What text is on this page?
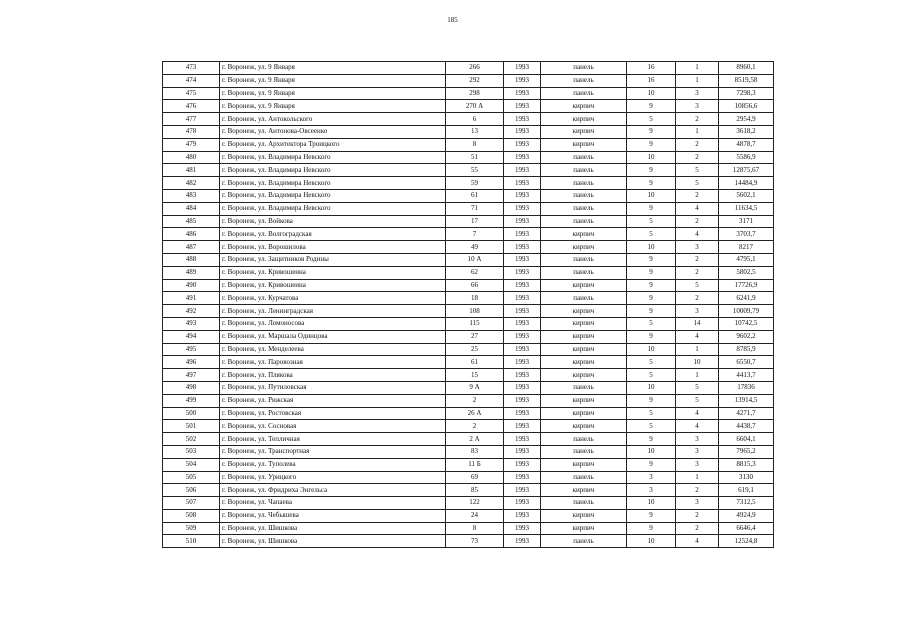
185
473	г. Воронеж, ул. 9 Января	266	1993	панель	16	1	8960,1
474	г. Воронеж, ул. 9 Января	292	1993	панель	16	1	8519,58
475	г. Воронеж, ул. 9 Января	298	1993	панель	10	3	7298,3
476	г. Воронеж, ул. 9 Января	270 А	1993	кирпич	9	3	10856,6
477	г. Воронеж, ул. Антокольского	6	1993	кирпич	5	2	2954,9
478	г. Воронеж, ул. Антонова-Овсеенко	13	1993	кирпич	9	1	3618,2
479	г. Воронеж, ул. Архитектора Троицкого	8	1993	кирпич	9	2	4878,7
480	г. Воронеж, ул. Владимира Невского	51	1993	панель	10	2	5586,9
481	г. Воронеж, ул. Владимира Невского	55	1993	панель	9	5	12875,67
482	г. Воронеж, ул. Владимира Невского	59	1993	панель	9	5	14484,9
483	г. Воронеж, ул. Владимира Невского	61	1993	панель	10	2	5602,1
484	г. Воронеж, ул. Владимира Невского	71	1993	панель	9	4	11634,5
485	г. Воронеж, ул. Войкова	17	1993	панель	5	2	3171
486	г. Воронеж, ул. Волгоградская	7	1993	кирпич	5	4	3703,7
487	г. Воронеж, ул. Ворошилова	49	1993	кирпич	10	3	8217
488	г. Воронеж, ул. Защитников Родины	10 А	1993	панель	9	2	4795,1
489	г. Воронеж, ул. Кривошеина	62	1993	панель	9	2	5802,5
490	г. Воронеж, ул. Кривошеина	66	1993	кирпич	9	5	17726,9
491	г. Воронеж, ул. Курчатова	18	1993	панель	9	2	6241,9
492	г. Воронеж, ул. Ленинградская	108	1993	кирпич	9	3	10009,79
493	г. Воронеж, ул. Ломоносова	115	1993	кирпич	5	14	10742,5
494	г. Воронеж, ул. Маршала Одинцова	27	1993	кирпич	9	4	9602,2
495	г. Воронеж, ул. Менделеева	25	1993	кирпич	10	1	8785,9
496	г. Воронеж, ул. Паровозная	61	1993	кирпич	5	10	6550,7
497	г. Воронеж, ул. Плякова	15	1993	кирпич	5	1	4413,7
498	г. Воронеж, ул. Путиловская	9 А	1993	панель	10	5	17836
499	г. Воронеж, ул. Рижская	2	1993	кирпич	9	5	13914,5
500	г. Воронеж, ул. Ростовская	26 А	1993	кирпич	5	4	4271,7
501	г. Воронеж, ул. Сосновая	2	1993	кирпич	5	4	4438,7
502	г. Воронеж, ул. Тепличная	2 А	1993	панель	9	3	6604,1
503	г. Воронеж, ул. Транспортная	83	1993	панель	10	3	7965,2
504	г. Воронеж, ул. Туполева	11 Б	1993	кирпич	9	3	8815,3
505	г. Воронеж, ул. Урицкого	69	1993	панель	3	1	3130
506	г. Воронеж, ул. Фридриха Энгельса	85	1993	кирпич	3	2	619,1
507	г. Воронеж, ул. Чапаева	122	1993	панель	10	3	7312,5
508	г. Воронеж, ул. Чебышева	24	1993	кирпич	9	2	4924,9
509	г. Воронеж, ул. Шишкова	8	1993	кирпич	9	2	6646,4
510	г. Воронеж, ул. Шишкова	73	1993	панель	10	4	12524,8
